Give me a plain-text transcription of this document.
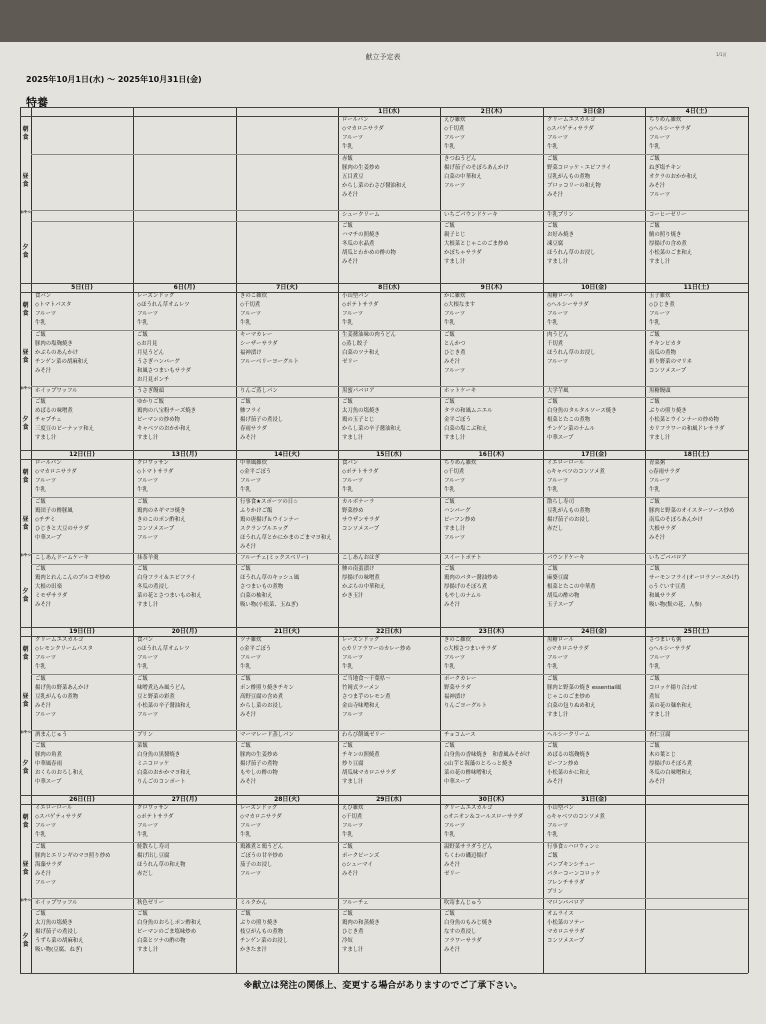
献立予定表	1/1頁
2025年10月1日(水) ～ 2025年10月31日(金)
特養
朝食
昼食
おやつ
夕食
1日(水)
ロールパン
◇マカロニサラダ
フルーツ
牛乳
赤飯
豚肉の生姜炒め
五目煮豆
からし菜のわさび醤油和え
みそ汁
シュークリーム
ご飯
ハマチの照焼き
冬瓜の水晶煮
胡瓜とわかめの酢の物
みそ汁
2日(木)
えび雑炊
◇千切煮
フルーツ
牛乳
きつねうどん
揚げ茄子のそぼろあんかけ
白菜の中華和え
フルーツ
いちごパウンドケーキ
ご飯
親子とじ
大根菜とじゃこのごま炒め
かぼちゃサラダ
すまし汁
3日(金)
クリームエスカルゴ
◇スパゲティサラダ
フルーツ
牛乳
ご飯
野菜コロッケ・エビフライ
豆乳がんもの煮物
ブロッコリーの和え物
みそ汁
牛乳プリン
ご飯
お好み焼き
凍豆腐
ほうれん草のお浸し
すまし汁
4日(土)
ちりめん雑炊
◇ヘルシーサラダ
フルーツ
牛乳
ご飯
ねぎ塩チキン
オクラのおかか和え
みそ汁
フルーツ
コーヒーゼリー
ご飯
鯖の照り焼き
厚揚げの含め煮
小松菜のごま和え
すまし汁
朝食
昼食
おやつ
夕食
5日(日)
食パン
◇トマトパスタ
フルーツ
牛乳
ご飯
豚肉の塩麹焼き
かぶらのあんかけ
チンゲン菜の胡麻和え
みそ汁
ホイップワッフル
ご飯
めばるの味噌煮
チャプチェ
三度豆のピーナッツ和え
すまし汁
6日(月)
レーズンドッグ
◇ほうれん草オムレツ
フルーツ
牛乳
ご飯
◇お月見
月見うどん
うさぎハンバーグ
和風さつまいもサラダ
お月見ポンチ
うさぎ饅頭
ゆかりご飯
鶏肉の八宝粉チーズ焼き
ピーマンの炒め物
キャベツのおかか和え
すまし汁
7日(火)
きのこ雑炊
◇千切煮
フルーツ
牛乳
キーマカレー
シーザーサラダ
福神漬け
フルーベリーヨーグルト
りんご蒸しパン
ご飯
鯵フライ
揚げ茄子の煮浸し
春雨サラダ
みそ汁
8日(水)
小山型パン
◇ポテトサラダ
フルーツ
牛乳
生姜醤油味の肉うどん
◇蒸し餃子
白菜のツナ和え
ゼリー
黒蜜パバロア
ご飯
太刀魚の塩焼き
鶏の玉子とじ
からし菜の辛子醤油和え
すまし汁
9日(木)
かに雑炊
◇大根なます
フルーツ
牛乳
ご飯
とんかつ
ひじき煮
みそ汁
フルーツ
ホットケーキ
ご飯
タラの和風ムニエル
金平ごぼう
白菜の塩こぶ和え
すまし汁
10日(金)
黒糖ロール
◇ヘルシーサラダ
フルーツ
牛乳
肉うどん
千切煮
ほうれん草のお浸し
フルーツ
大学芋風
ご飯
白身魚のタルタルソース焼き
根菜とたこの煮物
チンゲン菜のナムル
中華スープ
11日(土)
玉子雑炊
◇ひじき煮
フルーツ
牛乳
ご飯
チキンピカタ
南瓜の煮物
彩り野菜のマリネ
コンソメスープ
黒糖饅頭
ご飯
ぶりの照り焼き
小松菜とウインナーの炒め物
カリフラワーの和風ドレサラダ
すまし汁
朝食
昼食
おやつ
夕食
12日(日)
ロールパン
◇マカロニサラダ
フルーツ
牛乳
ご飯
鶏団子の酢豚風
◇チヂミ
ひじきと大豆のサラダ
中華スープ
こしあんドームケーキ
ご飯
鶏肉とれんこんのプルコギ炒め
大根の田楽
ミモザサラダ
みそ汁
13日(月)
クロワッサン
◇トマトサラダ
フルーツ
牛乳
ご飯
鶏肉のネギマヨ焼き
きのこのポン酢和え
コンソメスープ
フルーツ
抹茶羊羹
ご飯
白身フライ＆エビフライ
冬瓜の煮浸し
菜の花とさつまいもの和え
すまし汁
14日(火)
中華風雑炊
◇金平ごぼう
フルーツ
牛乳
行事食★スポーツの日☆
ふりかけご飯
鶏の唐揚げ＆ウインナー
スクランブルエッグ
ほうれん草とかにかまのごまマヨ和え
みそ汁
フルーチェ(ミックスベリー)
ご飯
ほうれん草のキッシュ風
さつまいもの煮物
白菜の柚和え
吸い物(小松菜、玉ねぎ)
15日(水)
食パン
◇ポテトサラダ
フルーツ
牛乳
カルボナーラ
野菜炒め
サウザンサラダ
コンソメスープ
こしあんおはぎ
鯵の南蛮漬け
厚揚げの味噌煮
かぶらの中華和え
かき玉汁
16日(木)
ちりめん雑炊
◇千切煮
フルーツ
牛乳
ご飯
ハンバーグ
ビーフン炒め
すまし汁
フルーツ
スイートポテト
ご飯
鶏肉のバター醤油炒め
厚揚げのそぼろ煮
もやしのナムル
みそ汁
17日(金)
イエローロール
◇キャベツのコンソメ煮
フルーツ
牛乳
散らし寿司
豆乳がんもの煮物
揚げ茄子のお浸し
赤だし
パウンドケーキ
ご飯
麻婆豆腐
根菜とたこの中華煮
胡瓜の酢の物
玉子スープ
18日(土)
青菜粥
◇春雨サラダ
フルーツ
牛乳
ご飯
豚肉と野菜のオイスターソース炒め
南瓜のそぼろあんかけ
大根サラダ
みそ汁
いちごババロア
ご飯
サーモンフライ(オーロラソースかけ)
◇うぐいす豆煮
和風サラダ
吸い物(麩の花、人参)
朝食
昼食
おやつ
夕食
19日(日)
クリームエスカルゴ
◇レモンクリームパスタ
フルーツ
牛乳
ご飯
揚げ魚の野菜あんかけ
豆乳がんもの煮物
みそ汁
フルーツ
酒まんじゅう
ご飯
豚肉の角煮
中華風春雨
おくらのおろし和え
中華スープ
20日(月)
食パン
◇ほうれん草オムレツ
フルーツ
牛乳
ご飯
味噌煮込み風うどん
豆と野菜の彩煮
小松菜の辛子醤油和え
フルーツ
プリン
菜飯
白身魚の黒醤焼き
ミニコロッケ
白菜のおかかマヨ和え
りんごのコンポート
21日(火)
ツナ雑炊
◇金平ごぼう
フルーツ
牛乳
ご飯
ポン酢照り焼きチキン
高野豆腐の含め煮
からし菜のお浸し
みそ汁
マーマレード蒸しパン
ご飯
豚肉の生姜炒め
揚げ茄子の煮物
もやしの酢の物
みそ汁
22日(水)
レーズンドッグ
◇カリフラワーのカレー炒め
フルーツ
牛乳
ご当地食～千葉県～
竹岡式ラーメン
さつま芋のレモン煮
金山寺味噌和え
フルーツ
わらび餅風ゼリー
ご飯
チキンの照焼煮
炒り豆腐
胡瓜味マカロニサラダ
すまし汁
23日(木)
きのこ雑炊
◇大根さつまいサラダ
フルーツ
牛乳
ポークカレー
野菜サラダ
福神漬け
りんごヨーグルト
チョコムース
ご飯
白身魚の香味焼き　和香風みそがけ
◇山芋と海藻のとろっと焼き
菜の花の酢味噌和え
中華スープ
24日(金)
黒糖ロール
◇マカロニサラダ
フルーツ
牛乳
ご飯
豚肉と野菜の焼き essential風
じゃこのごま炒め
白菜の包りぬめ和え
すまし汁
ヘルシークリーム
ご飯
めばるの塩麹焼き
ビーフン炒め
小松菜のかに和え
みそ汁
25日(土)
さつまいも粥
◇ヘルシーサラダ
フルーツ
牛乳
ご飯
コロッケ揚り合わせ
煮奴
菜の花の麺糸和え
すまし汁
杏仁豆腐
ご飯
木の葉とじ
厚揚げのそぼろ煮
冬瓜の白味噌和え
みそ汁
朝食
昼食
おやつ
夕食
26日(日)
イエローロール
◇スパゲティサラダ
フルーツ
牛乳
ご飯
豚肉とエリンギのマヨ照り炒め
海藻サラダ
みそ汁
フルーツ
ホイップワッフル
ご飯
太刀魚の塩焼き
揚げ茄子の煮浸し
うずら菜の胡麻和え
吸い物(豆腐、ねぎ)
27日(月)
クロワッサン
◇ポテトサラダ
フルーツ
牛乳
鮭散らし寿司
揚げ出し豆腐
ほうれん草の和え物
赤だし
秋色ゼリー
ご飯
白身魚のおろしポン酢和え
ピーマンのごま塩味炒め
白菜とツナの酢の物
すまし汁
28日(火)
レーズンドッグ
◇マカロニサラダ
フルーツ
牛乳
鶏雑煮と鶏うどん
ごぼうの甘辛炒め
茄子のお浸し
フルーツ
ミルクかん
ご飯
ぶりの照り焼き
枝豆がんもの煮物
チンゲン菜のお浸し
かきたま汁
29日(水)
えび雑炊
◇千切煮
フルーツ
牛乳
ご飯
ポークビーンズ
◇シューマイ
みそ汁
フルーチェ
ご飯
鶏肉の和蒸焼き
ひじき煮
冷奴
すまし汁
30日(木)
クリームエスカルゴ
◇オニオン＆コールスローサラダ
フルーツ
牛乳
温野菜サラダうどん
ちくわの磯辺揚げ
みそ汁
ゼリー
吹寄まんじゅう
ご飯
白身魚のもみじ焼き
なすの煮浸し
フラワーサラダ
みそ汁
31日(金)
小山型パン
◇キャベツのコンソメ煮
フルーツ
牛乳
行事食☆ハロウィン☆
ご飯
パンプキンシチュー
パターコーンコロッケ
フレンチサラダ
プリン
マロンババロア
オムライス
小松菜のソテー
マカロニサラダ
コンソメスープ
※献立は発注の関係上、変更する場合がありますのでご了承下さい。
